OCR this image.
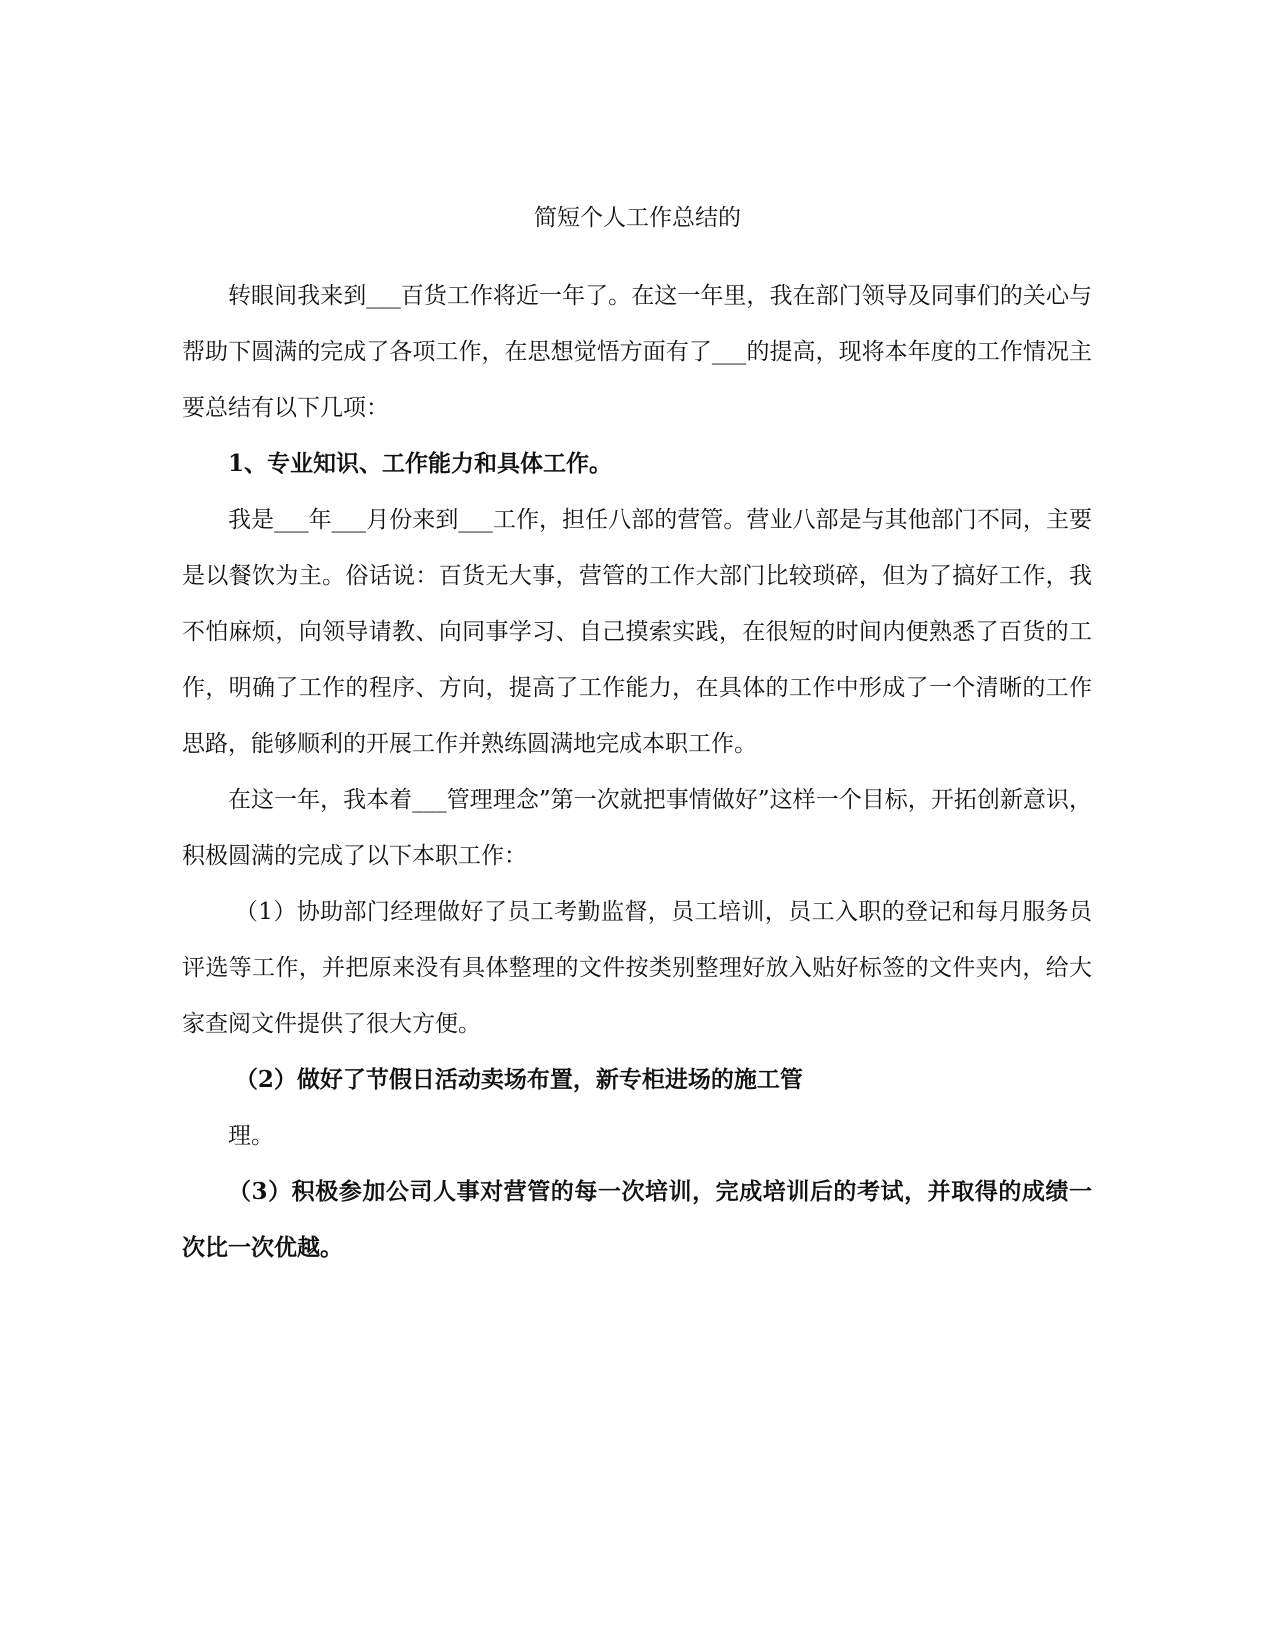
简短个人工作总结的

转眼间我来到___百货工作将近一年了。在这一年里，我在部门领导及同事们的关心与帮助下圆满的完成了各项工作，在思想觉悟方面有了___的提高，现将本年度的工作情况主要总结有以下几项：

1、专业知识、工作能力和具体工作。

我是___年___月份来到___工作，担任八部的营管。营业八部是与其他部门不同，主要是以餐饮为主。俗话说：百货无大事，营管的工作大部门比较琐碎，但为了搞好工作，我不怕麻烦，向领导请教、向同事学习、自己摸索实践，在很短的时间内便熟悉了百货的工作，明确了工作的程序、方向，提高了工作能力，在具体的工作中形成了一个清晰的工作思路，能够顺利的开展工作并熟练圆满地完成本职工作。

在这一年，我本着___管理理念”第一次就把事情做好”这样一个目标，开拓创新意识，积极圆满的完成了以下本职工作：

（1）协助部门经理做好了员工考勤监督，员工培训，员工入职的登记和每月服务员评选等工作，并把原来没有具体整理的文件按类别整理好放入贴好标签的文件夹内，给大家查阅文件提供了很大方便。

（2）做好了节假日活动卖场布置，新专柜进场的施工管

理。

（3）积极参加公司人事对营管的每一次培训，完成培训后的考试，并取得的成绩一次比一次优越。
